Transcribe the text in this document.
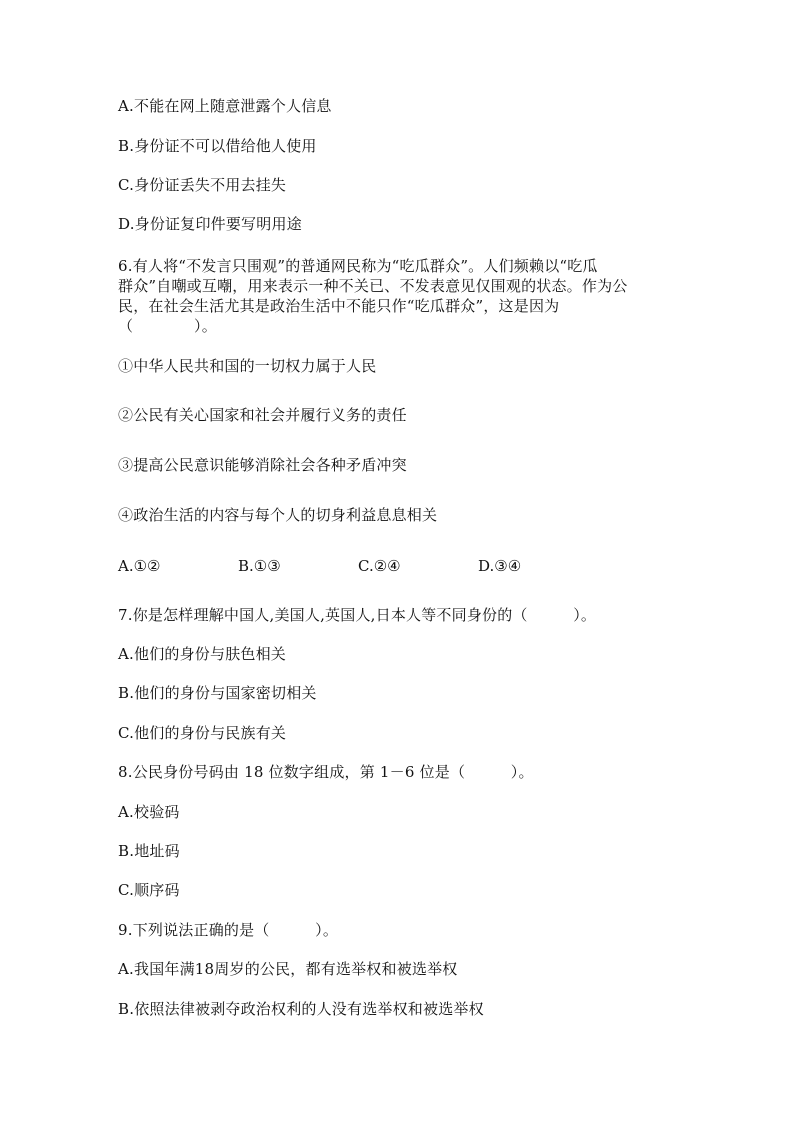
A.不能在网上随意泄露个人信息
B.身份证不可以借给他人使用
C.身份证丢失不用去挂失
D.身份证复印件要写明用途
6.有人将“不发言只围观”的普通网民称为“吃瓜群众”。人们频赖以“吃瓜
群众”自嘲或互嘲，用来表示一种不关已、不发表意见仅围观的状态。作为公
民，在社会生活尤其是政治生活中不能只作“吃瓜群众”，这是因为
（　　　　）。
①中华人民共和国的一切权力属于人民
②公民有关心国家和社会并履行义务的责任
③提高公民意识能够消除社会各种矛盾冲突
④政治生活的内容与每个人的切身利益息息相关
A.①②	B.①③	C.②④	D.③④
7.你是怎样理解中国人,美国人,英国人,日本人等不同身份的（　　　）。
A.他们的身份与肤色相关
B.他们的身份与国家密切相关
C.他们的身份与民族有关
8.公民身份号码由 18 位数字组成，第 1－6 位是（　　　）。
A.校验码
B.地址码
C.顺序码
9.下列说法正确的是（　　　）。
A.我国年满18周岁的公民，都有选举权和被选举权
B.依照法律被剥夺政治权利的人没有选举权和被选举权
